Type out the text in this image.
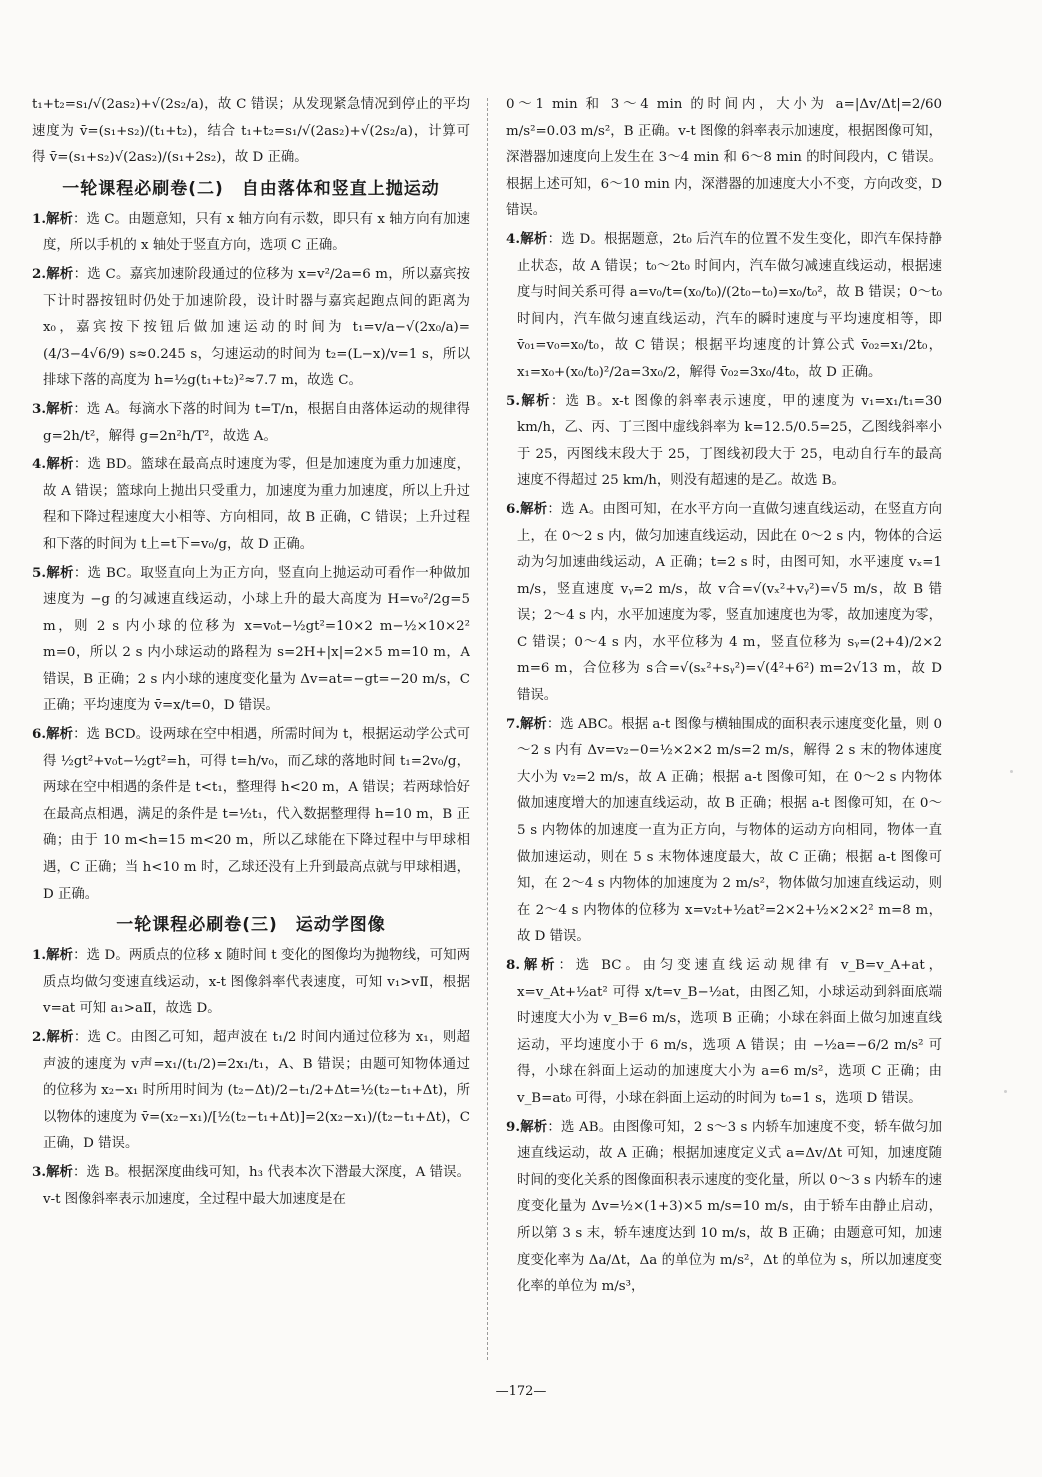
t₁+t₂=s₁/√(2as₂)+√(2s₂/a)，故 C 错误；从发现紧急情况到停止的平均速度为 v̄=(s₁+s₂)/(t₁+t₂)，结合 t₁+t₂=s₁/√(2as₂)+√(2s₂/a)，计算可得 v̄=(s₁+s₂)√(2as₂)/(s₁+2s₂)，故 D 正确。

一轮课程必刷卷(二)　自由落体和竖直上抛运动

1.解析：选 C。由题意知，只有 x 轴方向有示数，即只有 x 轴方向有加速度，所以手机的 x 轴处于竖直方向，选项 C 正确。

2.解析：选 C。嘉宾加速阶段通过的位移为 x=v²/2a=6 m，所以嘉宾按下计时器按钮时仍处于加速阶段，设计时器与嘉宾起跑点间的距离为 x₀，嘉宾按下按钮后做加速运动的时间为 t₁=v/a−√(2x₀/a)=(4/3−4√6/9) s≈0.245 s，匀速运动的时间为 t₂=(L−x)/v=1 s，所以排球下落的高度为 h=½g(t₁+t₂)²≈7.7 m，故选 C。

3.解析：选 A。每滴水下落的时间为 t=T/n，根据自由落体运动的规律得 g=2h/t²，解得 g=2n²h/T²，故选 A。

4.解析：选 BD。篮球在最高点时速度为零，但是加速度为重力加速度，故 A 错误；篮球向上抛出只受重力，加速度为重力加速度，所以上升过程和下降过程速度大小相等、方向相同，故 B 正确，C 错误；上升过程和下落的时间为 t上=t下=v₀/g，故 D 正确。

5.解析：选 BC。取竖直向上为正方向，竖直向上抛运动可看作一种做加速度为 −g 的匀减速直线运动，小球上升的最大高度为 H=v₀²/2g=5 m，则 2 s 内小球的位移为 x=v₀t−½gt²=10×2 m−½×10×2² m=0，所以 2 s 内小球运动的路程为 s=2H+|x|=2×5 m=10 m，A 错误，B 正确；2 s 内小球的速度变化量为 Δv=at=−gt=−20 m/s，C 正确；平均速度为 v̄=x/t=0，D 错误。

6.解析：选 BCD。设两球在空中相遇，所需时间为 t，根据运动学公式可得 ½gt²+v₀t−½gt²=h，可得 t=h/v₀，而乙球的落地时间 t₁=2v₀/g，两球在空中相遇的条件是 t<t₁，整理得 h<20 m，A 错误；若两球恰好在最高点相遇，满足的条件是 t=½t₁，代入数据整理得 h=10 m，B 正确；由于 10 m<h=15 m<20 m，所以乙球能在下降过程中与甲球相遇，C 正确；当 h<10 m 时，乙球还没有上升到最高点就与甲球相遇，D 正确。

一轮课程必刷卷(三)　运动学图像

1.解析：选 D。两质点的位移 x 随时间 t 变化的图像均为抛物线，可知两质点均做匀变速直线运动，x-t 图像斜率代表速度，可知 v₁>vⅡ，根据 v=at 可知 a₁>aⅡ，故选 D。

2.解析：选 C。由图乙可知，超声波在 t₁/2 时间内通过位移为 x₁，则超声波的速度为 v声=x₁/(t₁/2)=2x₁/t₁，A、B 错误；由题可知物体通过的位移为 x₂−x₁ 时所用时间为 (t₂−Δt)/2−t₁/2+Δt=½(t₂−t₁+Δt)，所以物体的速度为 v̄=(x₂−x₁)/[½(t₂−t₁+Δt)]=2(x₂−x₁)/(t₂−t₁+Δt)，C 正确，D 错误。

3.解析：选 B。根据深度曲线可知，h₃ 代表本次下潜最大深度，A 错误。v-t 图像斜率表示加速度，全过程中最大加速度是在

0～1 min 和 3～4 min 的时间内，大小为 a=|Δv/Δt|=2/60 m/s²=0.03 m/s²，B 正确。v-t 图像的斜率表示加速度，根据图像可知，深潜器加速度向上发生在 3～4 min 和 6～8 min 的时间段内，C 错误。根据上述可知，6～10 min 内，深潜器的加速度大小不变，方向改变，D 错误。

4.解析：选 D。根据题意，2t₀ 后汽车的位置不发生变化，即汽车保持静止状态，故 A 错误；t₀～2t₀ 时间内，汽车做匀减速直线运动，根据速度与时间关系可得 a=v₀/t=(x₀/t₀)/(2t₀−t₀)=x₀/t₀²，故 B 错误；0～t₀ 时间内，汽车做匀速直线运动，汽车的瞬时速度与平均速度相等，即 v̄₀₁=v₀=x₀/t₀，故 C 错误；根据平均速度的计算公式 v̄₀₂=x₁/2t₀，x₁=x₀+(x₀/t₀)²/2a=3x₀/2，解得 v̄₀₂=3x₀/4t₀，故 D 正确。

5.解析：选 B。x-t 图像的斜率表示速度，甲的速度为 v₁=x₁/t₁=30 km/h，乙、丙、丁三图中虚线斜率为 k=12.5/0.5=25，乙图线斜率小于 25，丙图线末段大于 25，丁图线初段大于 25，电动自行车的最高速度不得超过 25 km/h，则没有超速的是乙。故选 B。

6.解析：选 A。由图可知，在水平方向一直做匀速直线运动，在竖直方向上，在 0～2 s 内，做匀加速直线运动，因此在 0～2 s 内，物体的合运动为匀加速曲线运动，A 正确；t=2 s 时，由图可知，水平速度 vₓ=1 m/s，竖直速度 vᵧ=2 m/s，故 v合=√(vₓ²+vᵧ²)=√5 m/s，故 B 错误；2～4 s 内，水平加速度为零，竖直加速度也为零，故加速度为零，C 错误；0～4 s 内，水平位移为 4 m，竖直位移为 sᵧ=(2+4)/2×2 m=6 m，合位移为 s合=√(sₓ²+sᵧ²)=√(4²+6²) m=2√13 m，故 D 错误。

7.解析：选 ABC。根据 a-t 图像与横轴围成的面积表示速度变化量，则 0～2 s 内有 Δv=v₂−0=½×2×2 m/s=2 m/s，解得 2 s 末的物体速度大小为 v₂=2 m/s，故 A 正确；根据 a-t 图像可知，在 0～2 s 内物体做加速度增大的加速直线运动，故 B 正确；根据 a-t 图像可知，在 0～5 s 内物体的加速度一直为正方向，与物体的运动方向相同，物体一直做加速运动，则在 5 s 末物体速度最大，故 C 正确；根据 a-t 图像可知，在 2～4 s 内物体的加速度为 2 m/s²，物体做匀加速直线运动，则在 2～4 s 内物体的位移为 x=v₂t+½at²=2×2+½×2×2² m=8 m，故 D 错误。

8.解析：选 BC。由匀变速直线运动规律有 v_B=v_A+at，x=v_At+½at² 可得 x/t=v_B−½at，由图乙知，小球运动到斜面底端时速度大小为 v_B=6 m/s，选项 B 正确；小球在斜面上做匀加速直线运动，平均速度小于 6 m/s，选项 A 错误；由 −½a=−6/2 m/s² 可得，小球在斜面上运动的加速度大小为 a=6 m/s²，选项 C 正确；由 v_B=at₀ 可得，小球在斜面上运动的时间为 t₀=1 s，选项 D 错误。

9.解析：选 AB。由图像可知，2 s～3 s 内轿车加速度不变，轿车做匀加速直线运动，故 A 正确；根据加速度定义式 a=Δv/Δt 可知，加速度随时间的变化关系的图像面积表示速度的变化量，所以 0～3 s 内轿车的速度变化量为 Δv=½×(1+3)×5 m/s=10 m/s，由于轿车由静止启动，所以第 3 s 末，轿车速度达到 10 m/s，故 B 正确；由题意可知，加速度变化率为 Δa/Δt，Δa 的单位为 m/s²，Δt 的单位为 s，所以加速度变化率的单位为 m/s³，

—172—
